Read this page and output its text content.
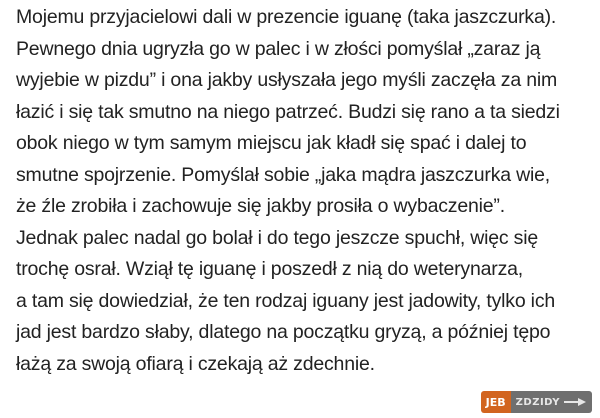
Mojemu przyjacielowi dali w prezencie iguanę (taka jaszczurka).
Pewnego dnia ugryzła go w palec i w złości pomyślał „zaraz ją
wyjebie w pizdu” i ona jakby usłyszała jego myśli zaczęła za nim
łazić i się tak smutno na niego patrzeć. Budzi się rano a ta siedzi
obok niego w tym samym miejscu jak kładł się spać i dalej to
smutne spojrzenie. Pomyślał sobie „jaka mądra jaszczurka wie,
że źle zrobiła i zachowuje się jakby prosiła o wybaczenie”.
Jednak palec nadal go bolał i do tego jeszcze spuchł, więc się
trochę osrał. Wziął tę iguanę i poszedł z nią do weterynarza,
a tam się dowiedział, że ten rodzaj iguany jest jadowity, tylko ich
jad jest bardzo słaby, dlatego na początku gryzą, a później tępo
łażą za swoją ofiarą i czekają aż zdechnie.
JEB	ZDZIDY
